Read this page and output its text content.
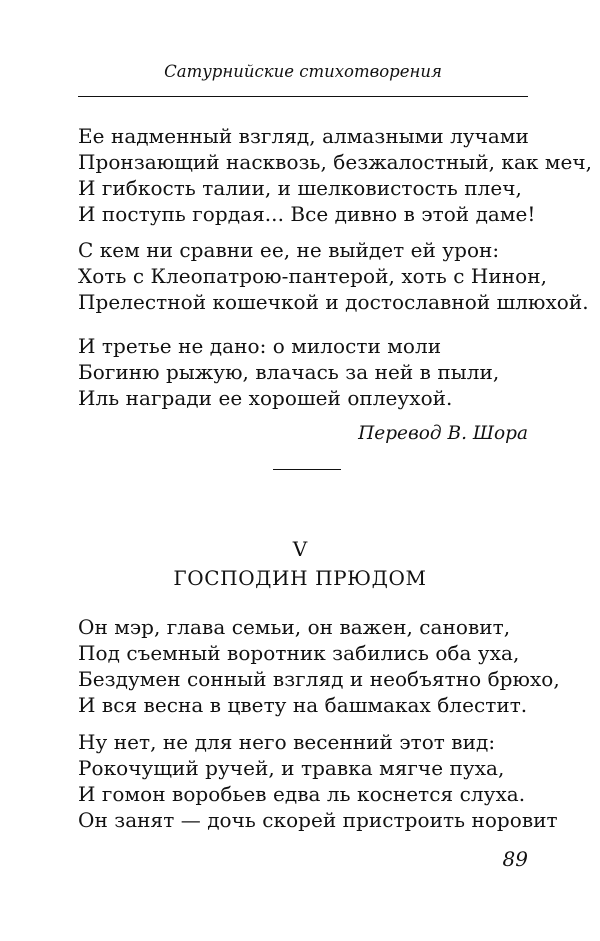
Сатурнийские стихотворения
Ее надменный взгляд, алмазными лучами
Пронзающий насквозь, безжалостный, как меч,
И гибкость талии, и шелковистость плеч,
И поступь гордая... Все дивно в этой даме!
С кем ни сравни ее, не выйдет ей урон:
Хоть с Клеопатрою-пантерой, хоть с Нинон,
Прелестной кошечкой и достославной шлюхой.
И третье не дано: о милости моли
Богиню рыжую, влачась за ней в пыли,
Иль награди ее хорошей оплеухой.
Перевод В. Шора
V
ГОСПОДИН ПРЮДОМ
Он мэр, глава семьи, он важен, сановит,
Под съемный воротник забились оба уха,
Бездумен сонный взгляд и необъятно брюхо,
И вся весна в цвету на башмаках блестит.
Ну нет, не для него весенний этот вид:
Рокочущий ручей, и травка мягче пуха,
И гомон воробьев едва ль коснется слуха.
Он занят — дочь скорей пристроить норовит
89
